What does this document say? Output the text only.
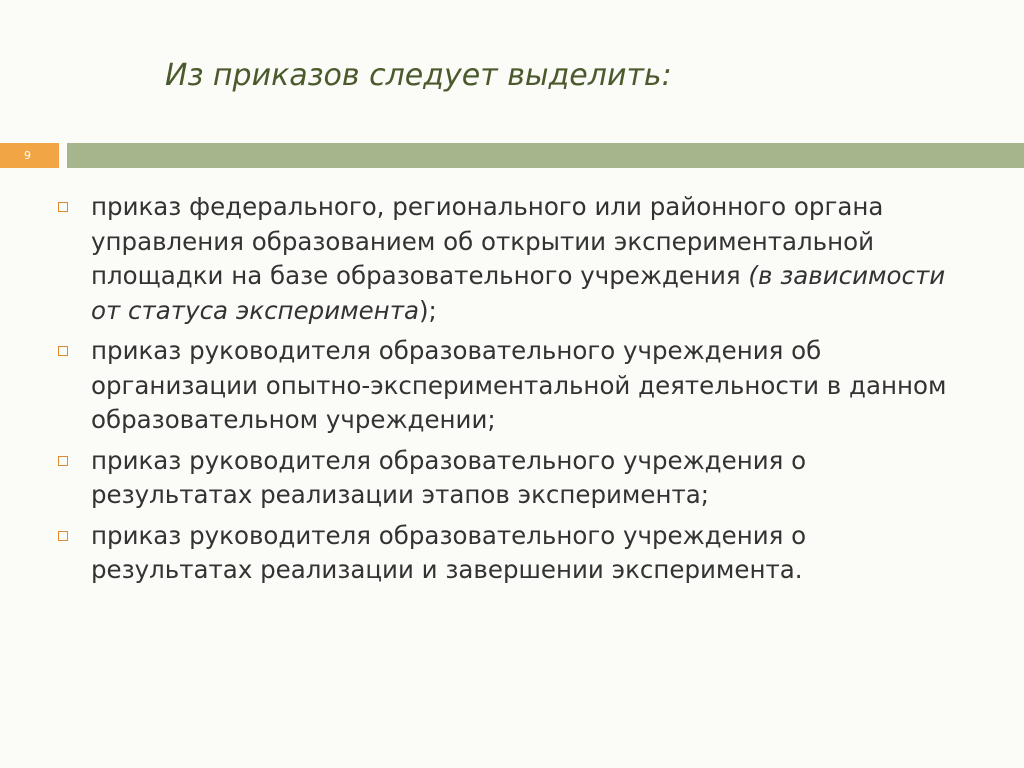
Из приказов следует выделить:
9
приказ федерального, регионального или районного органа управления образованием об открытии экспериментальной площадки на базе образовательного учреждения (в зависимости от статуса эксперимента);
приказ руководителя образовательного учреждения об организации опытно-экспериментальной деятельности в данном образовательном учреждении;
приказ руководителя образовательного учреждения о результатах реализации этапов эксперимента;
приказ руководителя образовательного учреждения о результатах реализации и завершении эксперимента.
